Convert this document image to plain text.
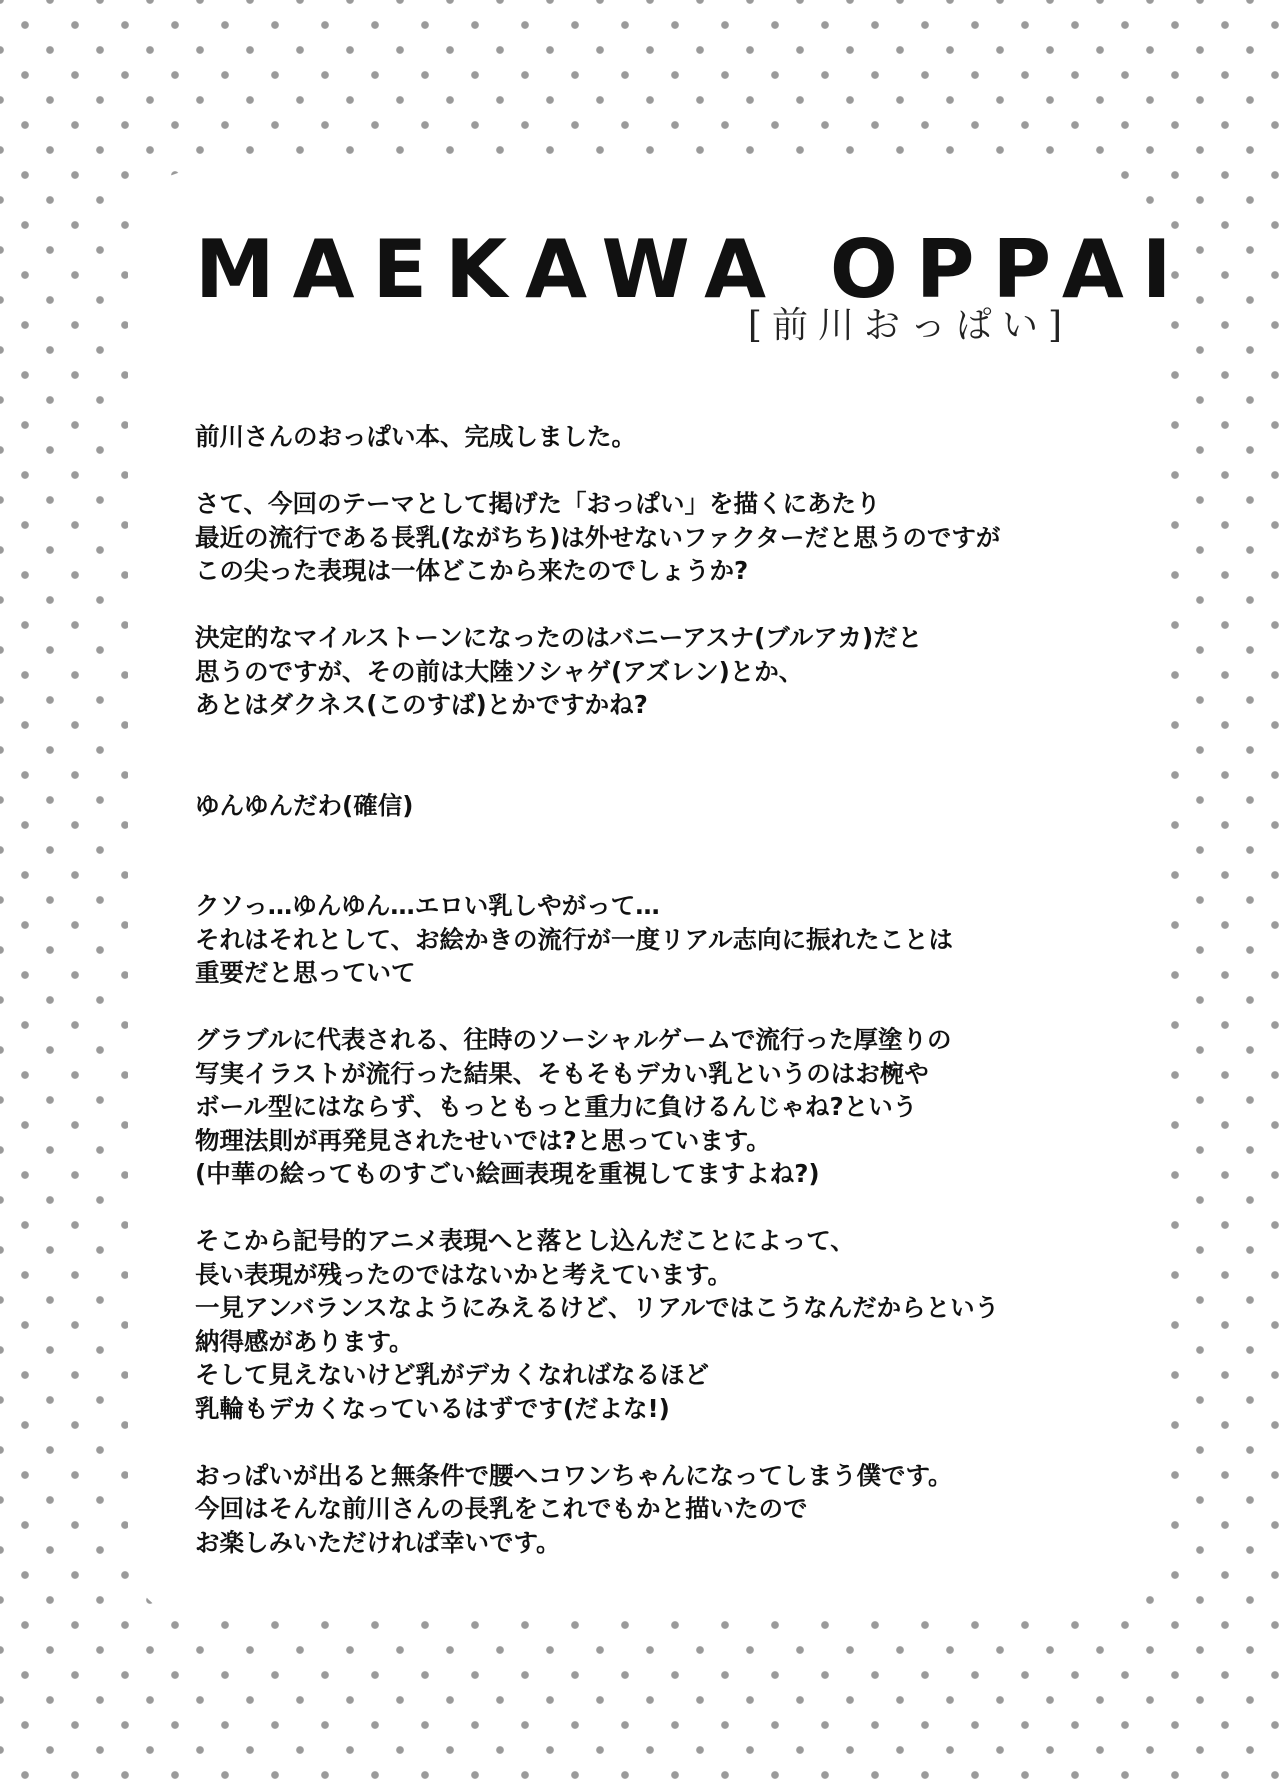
MAEKAWA OPPAI

[前川おっぱい]

前川さんのおっぱい本、完成しました。

さて、今回のテーマとして掲げた「おっぱい」を描くにあたり
最近の流行である長乳(ながちち)は外せないファクターだと思うのですが
この尖った表現は一体どこから来たのでしょうか?

決定的なマイルストーンになったのはバニーアスナ(ブルアカ)だと
思うのですが、その前は大陸ソシャゲ(アズレン)とか、
あとはダクネス(このすば)とかですかね?

ゆんゆんだわ(確信)

クソっ…ゆんゆん…エロい乳しやがって…
それはそれとして、お絵かきの流行が一度リアル志向に振れたことは
重要だと思っていて

グラブルに代表される、往時のソーシャルゲームで流行った厚塗りの
写実イラストが流行った結果、そもそもデカい乳というのはお椀や
ボール型にはならず、もっともっと重力に負けるんじゃね?という
物理法則が再発見されたせいでは?と思っています。
(中華の絵ってものすごい絵画表現を重視してますよね?)

そこから記号的アニメ表現へと落とし込んだことによって、
長い表現が残ったのではないかと考えています。
一見アンバランスなようにみえるけど、リアルではこうなんだからという
納得感があります。
そして見えないけど乳がデカくなればなるほど
乳輪もデカくなっているはずです(だよな!)

おっぱいが出ると無条件で腰へコワンちゃんになってしまう僕です。
今回はそんな前川さんの長乳をこれでもかと描いたので
お楽しみいただければ幸いです。
